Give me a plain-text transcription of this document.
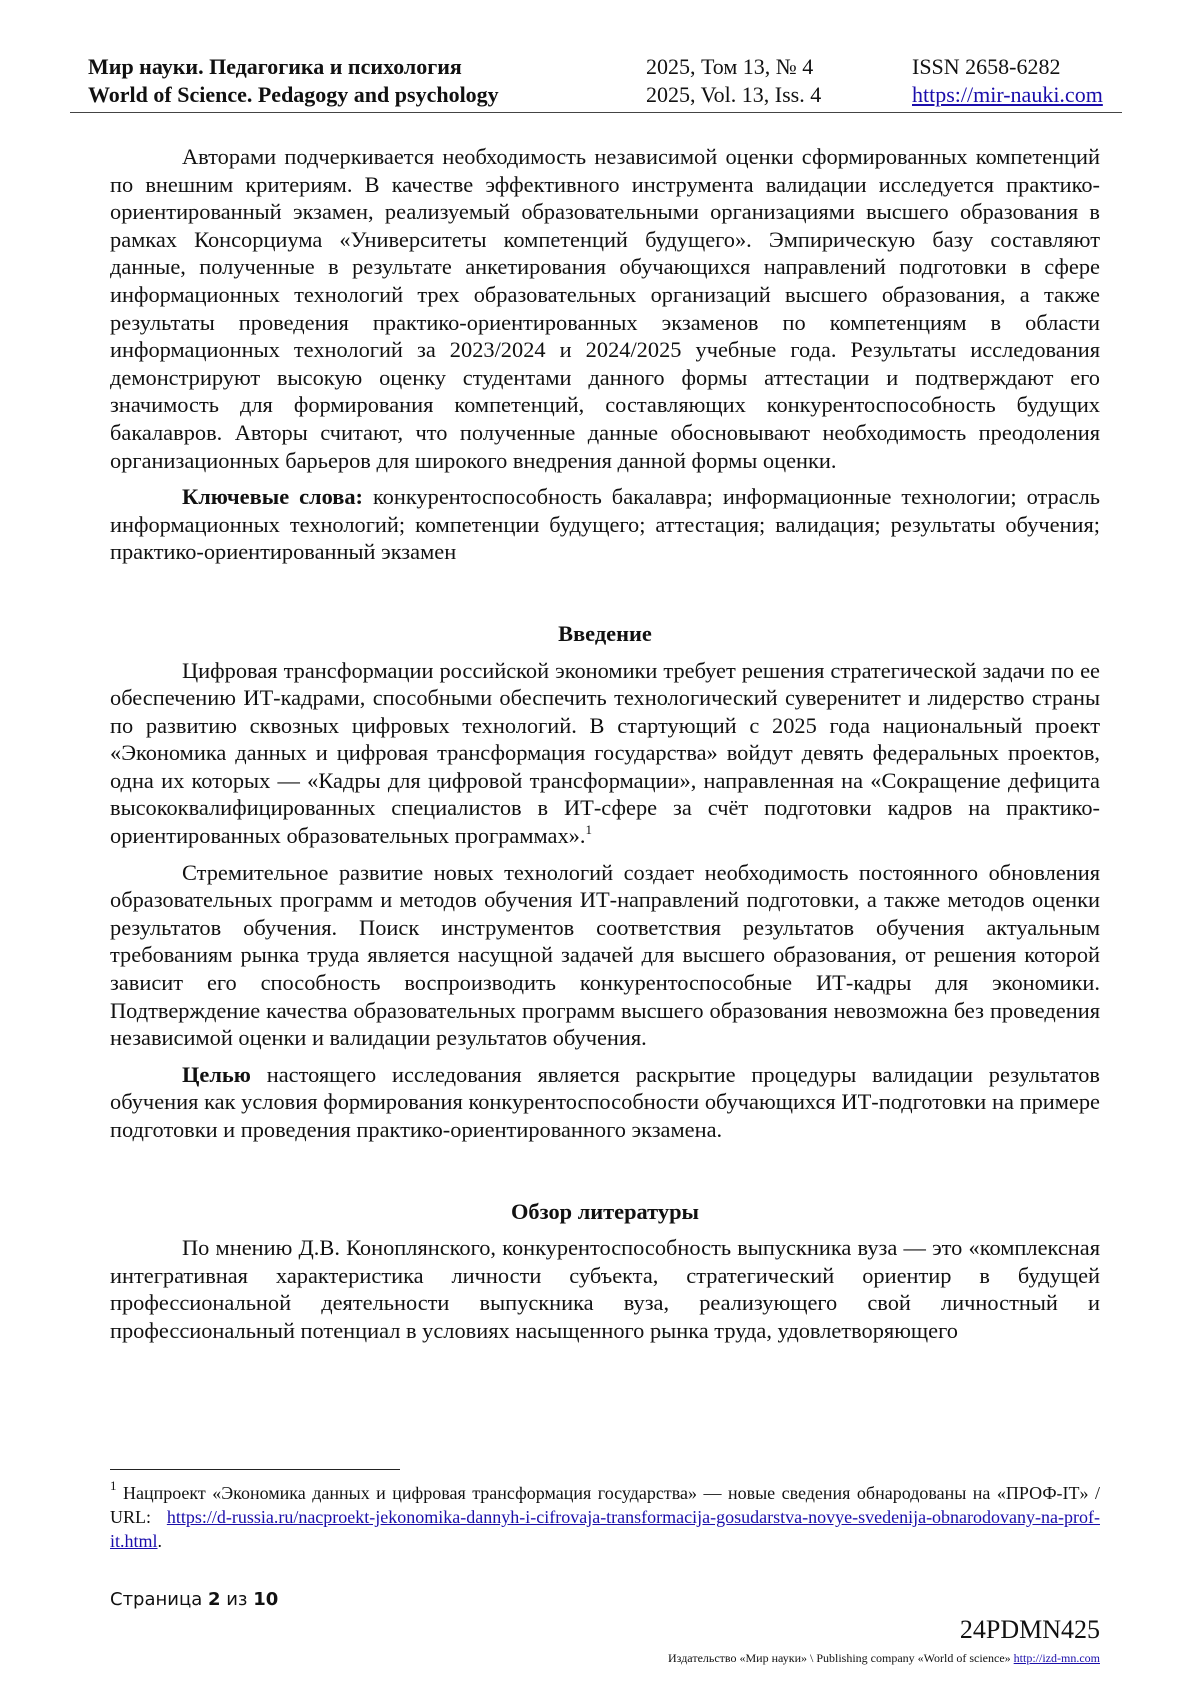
Мир науки. Педагогика и психология	2025, Том 13, № 4	ISSN 2658-6282
World of Science. Pedagogy and psychology	2025, Vol. 13, Iss. 4	https://mir-nauki.com

Авторами подчеркивается необходимость независимой оценки сформированных компетенций по внешним критериям. В качестве эффективного инструмента валидации исследуется практико-ориентированный экзамен, реализуемый образовательными организациями высшего образования в рамках Консорциума «Университеты компетенций будущего». Эмпирическую базу составляют данные, полученные в результате анкетирования обучающихся направлений подготовки в сфере информационных технологий трех образовательных организаций высшего образования, а также результаты проведения практико-ориентированных экзаменов по компетенциям в области информационных технологий за 2023/2024 и 2024/2025 учебные года. Результаты исследования демонстрируют высокую оценку студентами данного формы аттестации и подтверждают его значимость для формирования компетенций, составляющих конкурентоспособность будущих бакалавров. Авторы считают, что полученные данные обосновывают необходимость преодоления организационных барьеров для широкого внедрения данной формы оценки.

Ключевые слова: конкурентоспособность бакалавра; информационные технологии; отрасль информационных технологий; компетенции будущего; аттестация; валидация; результаты обучения; практико-ориентированный экзамен

Введение

Цифровая трансформации российской экономики требует решения стратегической задачи по ее обеспечению ИТ-кадрами, способными обеспечить технологический суверенитет и лидерство страны по развитию сквозных цифровых технологий. В стартующий с 2025 года национальный проект «Экономика данных и цифровая трансформация государства» войдут девять федеральных проектов, одна их которых — «Кадры для цифровой трансформации», направленная на «Сокращение дефицита высококвалифицированных специалистов в ИТ-сфере за счёт подготовки кадров на практико-ориентированных образовательных программах».$^1$

Стремительное развитие новых технологий создает необходимость постоянного обновления образовательных программ и методов обучения ИТ-направлений подготовки, а также методов оценки результатов обучения. Поиск инструментов соответствия результатов обучения актуальным требованиям рынка труда является насущной задачей для высшего образования, от решения которой зависит его способность воспроизводить конкурентоспособные ИТ-кадры для экономики. Подтверждение качества образовательных программ высшего образования невозможна без проведения независимой оценки и валидации результатов обучения.

Целью настоящего исследования является раскрытие процедуры валидации результатов обучения как условия формирования конкурентоспособности обучающихся ИТ-подготовки на примере подготовки и проведения практико-ориентированного экзамена.

Обзор литературы

По мнению Д.В. Коноплянского, конкурентоспособность выпускника вуза — это «комплексная интегративная характеристика личности субъекта, стратегический ориентир в будущей профессиональной деятельности выпускника вуза, реализующего свой личностный и профессиональный потенциал в условиях насыщенного рынка труда, удовлетворяющего

$^1$ Нацпроект «Экономика данных и цифровая трансформация государства» — новые сведения обнародованы на «ПРОФ-IT» / URL: https://d-russia.ru/nacproekt-jekonomika-dannyh-i-cifrovaja-transformacija-gosudarstva-novye-svedenija-obnarodovany-na-prof-it.html.
Страница 2 из 10
24PDMN425
Издательство «Мир науки» \ Publishing company «World of science» http://izd-mn.com
